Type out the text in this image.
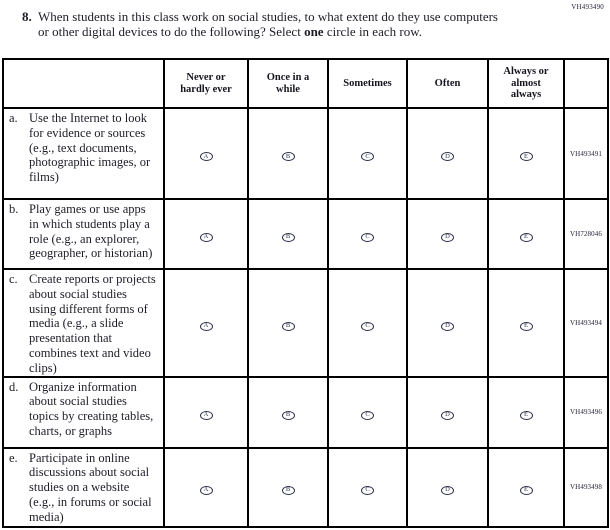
VH493490
8. When students in this class work on social studies, to what extent do they use computers or other digital devices to do the following? Select one circle in each row.
	Never or hardly ever	Once in a while	Sometimes	Often	Always or almost always	

a. Use the Internet to look for evidence or sources (e.g., text documents, photographic images, or films)	A	B	C	D	E	VH493491

b. Play games or use apps in which students play a role (e.g., an explorer, geographer, or historian)	A	B	C	D	E	VH728046

c. Create reports or projects about social studies using different forms of media (e.g., a slide presentation that combines text and video clips)	A	B	C	D	E	VH493494

d. Organize information about social studies topics by creating tables, charts, or graphs	A	B	C	D	E	VH493496

e. Participate in online discussions about social studies on a website (e.g., in forums or social media)	A	B	C	D	E	VH493498
